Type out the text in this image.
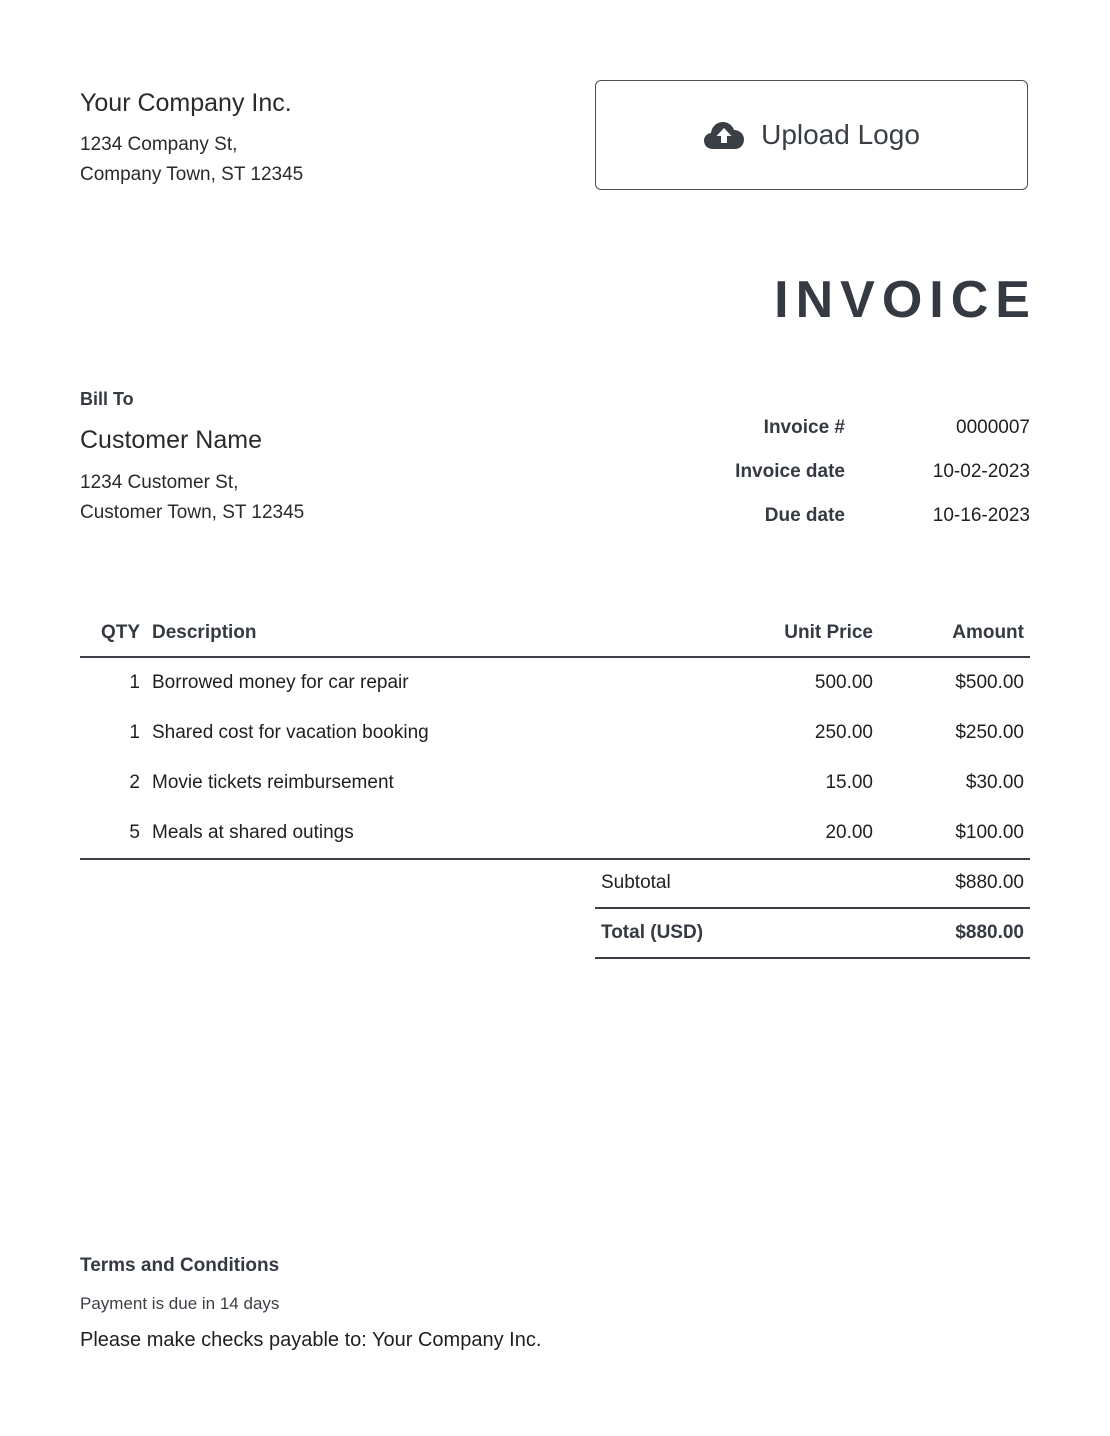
Your Company Inc.
1234 Company St,
Company Town, ST 12345
Upload Logo
INVOICE
Bill To
Customer Name
1234 Customer St,
Customer Town, ST 12345
Invoice #	0000007
Invoice date	10-02-2023
Due date	10-16-2023
QTY	Description	Unit Price	Amount
1	Borrowed money for car repair	500.00	$500.00
1	Shared cost for vacation booking	250.00	$250.00
2	Movie tickets reimbursement	15.00	$30.00
5	Meals at shared outings	20.00	$100.00
Subtotal	$880.00
Total (USD)	$880.00
Terms and Conditions
Payment is due in 14 days
Please make checks payable to: Your Company Inc.
